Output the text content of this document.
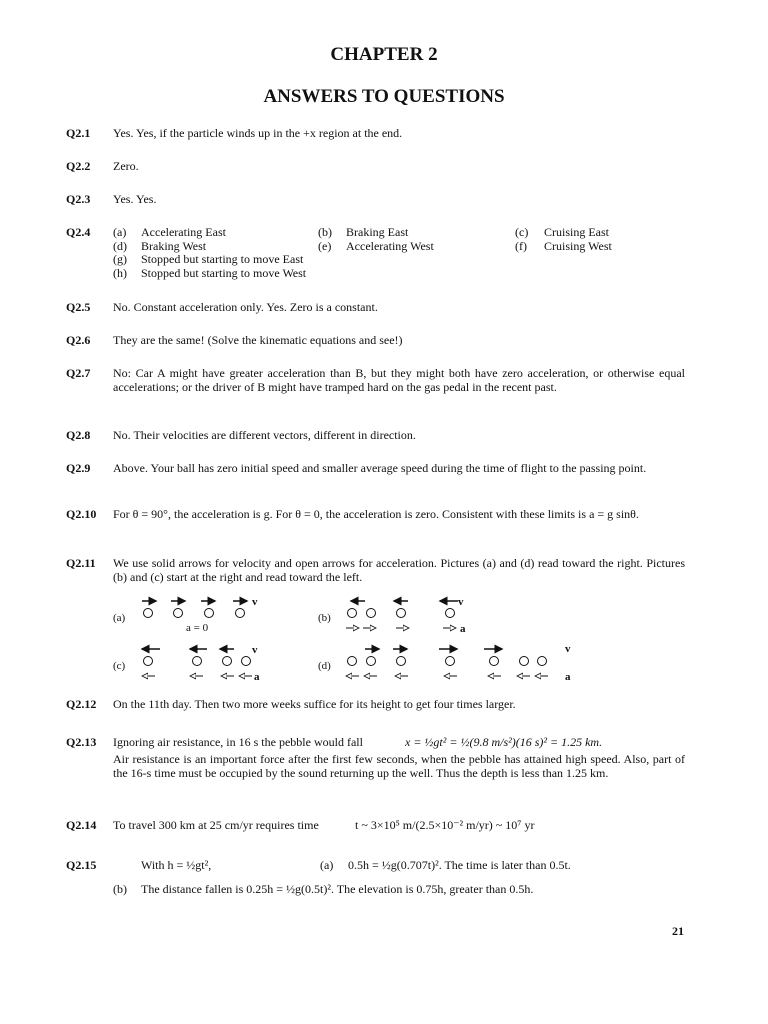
CHAPTER 2
ANSWERS TO QUESTIONS
Q2.1 Yes. Yes, if the particle winds up in the +x region at the end.
Q2.2 Zero.
Q2.3 Yes. Yes.
Q2.4 (a) Accelerating East	(b) Braking East	(c) Cruising East
(d) Braking West	(e) Accelerating West	(f) Cruising West
(g) Stopped but starting to move East
(h) Stopped but starting to move West
Q2.5 No. Constant acceleration only. Yes. Zero is a constant.
Q2.6 They are the same! (Solve the kinematic equations and see!)
Q2.7 No: Car A might have greater acceleration than B, but they might both have zero acceleration, or otherwise equal accelerations; or the driver of B might have tramped hard on the gas pedal in the recent past.
Q2.8 No. Their velocities are different vectors, different in direction.
Q2.9 Above. Your ball has zero initial speed and smaller average speed during the time of flight to the passing point.
Q2.10 For θ = 90°, the acceleration is g. For θ = 0, the acceleration is zero. Consistent with these limits is a = g sinθ.
Q2.11 We use solid arrows for velocity and open arrows for acceleration. Pictures (a) and (d) read toward the right. Pictures (b) and (c) start at the right and read toward the left.
(a)
v
a = 0
(b)
v
a
(c)
v
a
(d)
v
a
Q2.12 On the 11th day. Then two more weeks suffice for its height to get four times larger.
Q2.13 Ignoring air resistance, in 16 s the pebble would fall	x = ½gt² = ½(9.8 m/s²)(16 s)² = 1.25 km.
Air resistance is an important force after the first few seconds, when the pebble has attained high speed. Also, part of the 16-s time must be occupied by the sound returning up the well. Thus the depth is less than 1.25 km.
Q2.14 To travel 300 km at 25 cm/yr requires time	t ~ 3×10⁵ m/(2.5×10⁻² m/yr) ~ 10⁷ yr
Q2.15	With h = ½gt²,	(a) 0.5h = ½g(0.707t)². The time is later than 0.5t.
(b) The distance fallen is 0.25h = ½g(0.5t)². The elevation is 0.75h, greater than 0.5h.
21
